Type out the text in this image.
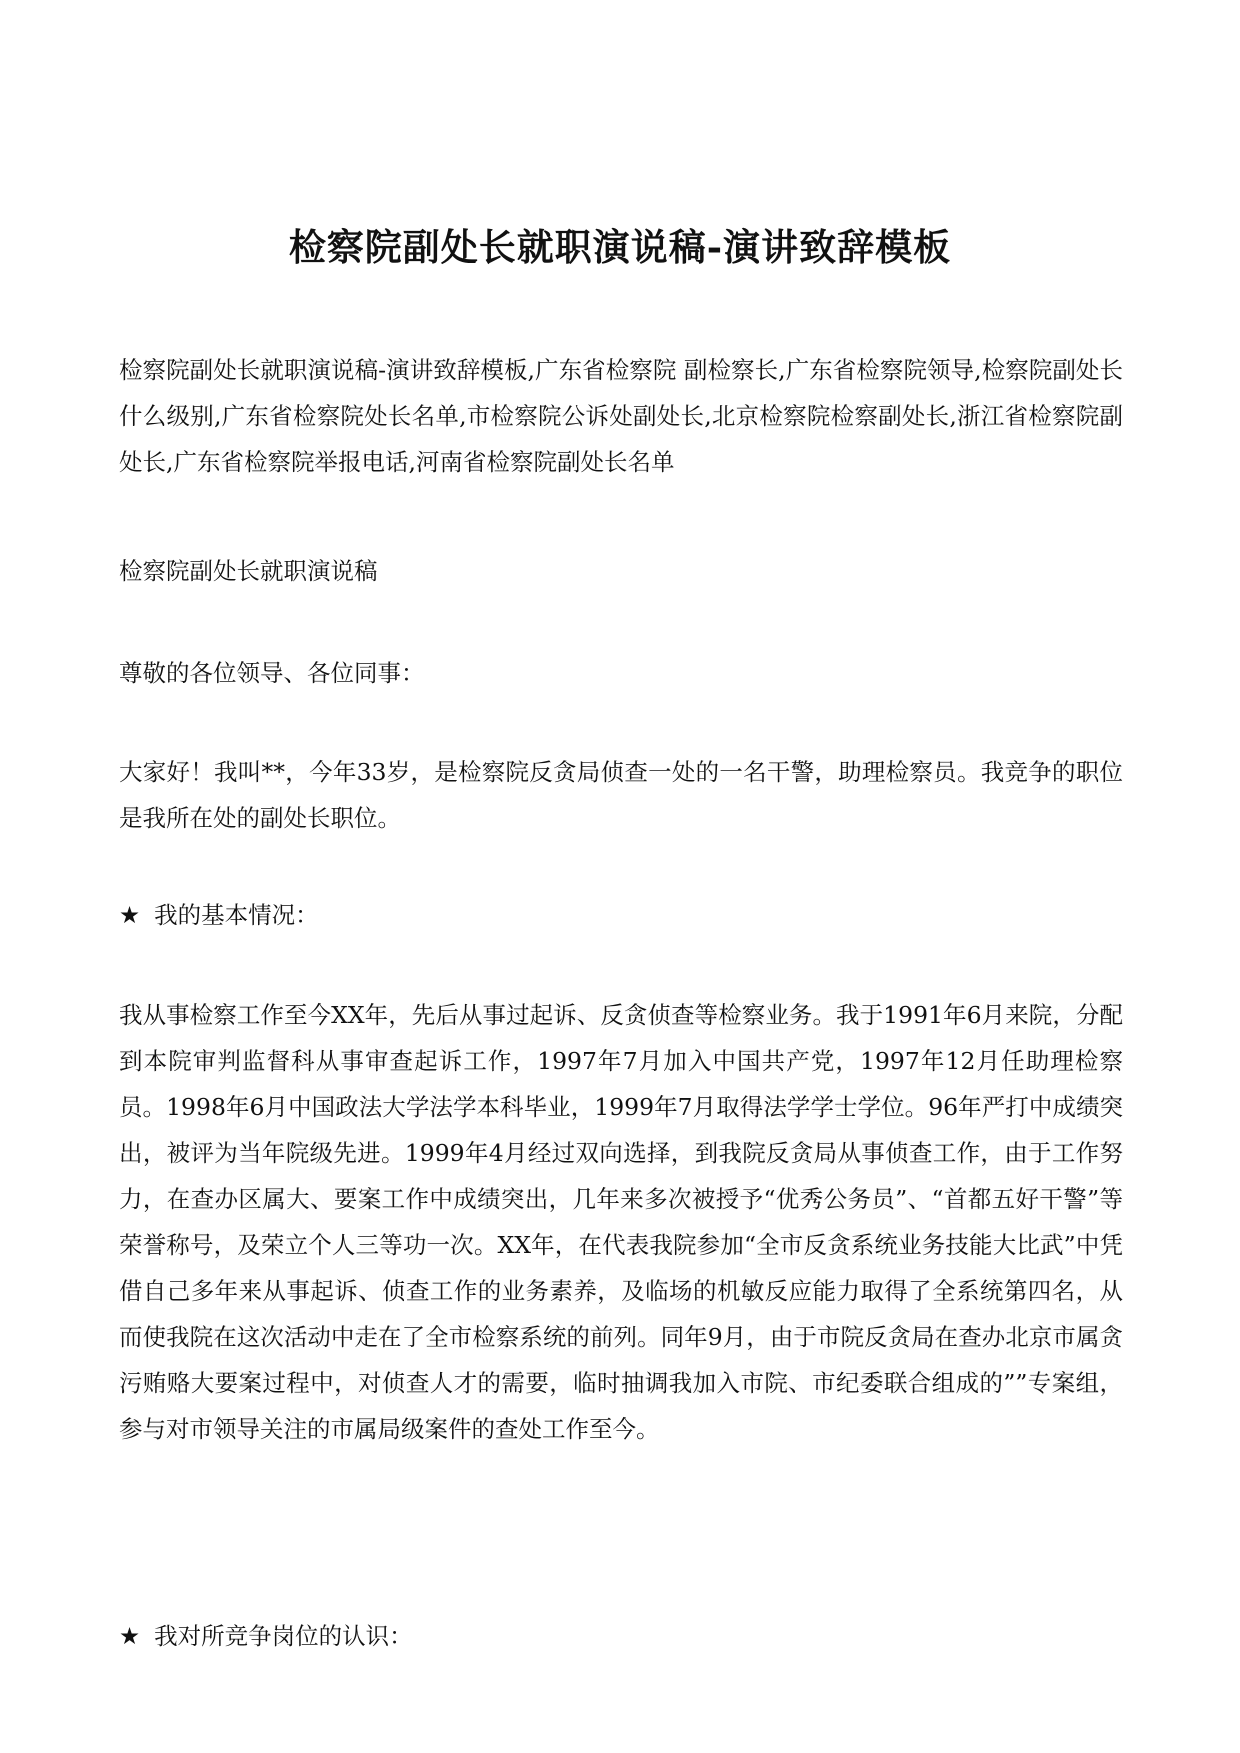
检察院副处长就职演说稿-演讲致辞模板

检察院副处长就职演说稿-演讲致辞模板,广东省检察院 副检察长,广东省检察院领导,检察院副处长什么级别,广东省检察院处长名单,市检察院公诉处副处长,北京检察院检察副处长,浙江省检察院副处长,广东省检察院举报电话,河南省检察院副处长名单

检察院副处长就职演说稿

尊敬的各位领导、各位同事：

大家好！我叫**，今年33岁，是检察院反贪局侦查一处的一名干警，助理检察员。我竞争的职位是我所在处的副处长职位。

★ 我的基本情况：

我从事检察工作至今XX年，先后从事过起诉、反贪侦查等检察业务。我于1991年6月来院，分配到本院审判监督科从事审查起诉工作，1997年7月加入中国共产党，1997年12月任助理检察员。1998年6月中国政法大学法学本科毕业，1999年7月取得法学学士学位。96年严打中成绩突出，被评为当年院级先进。1999年4月经过双向选择，到我院反贪局从事侦查工作，由于工作努力，在查办区属大、要案工作中成绩突出，几年来多次被授予“优秀公务员”、“首都五好干警”等荣誉称号，及荣立个人三等功一次。XX年，在代表我院参加“全市反贪系统业务技能大比武”中凭借自己多年来从事起诉、侦查工作的业务素养，及临场的机敏反应能力取得了全系统第四名，从而使我院在这次活动中走在了全市检察系统的前列。同年9月，由于市院反贪局在查办北京市属贪污贿赂大要案过程中，对侦查人才的需要，临时抽调我加入市院、市纪委联合组成的””专案组，参与对市领导关注的市属局级案件的查处工作至今。

★ 我对所竞争岗位的认识：
